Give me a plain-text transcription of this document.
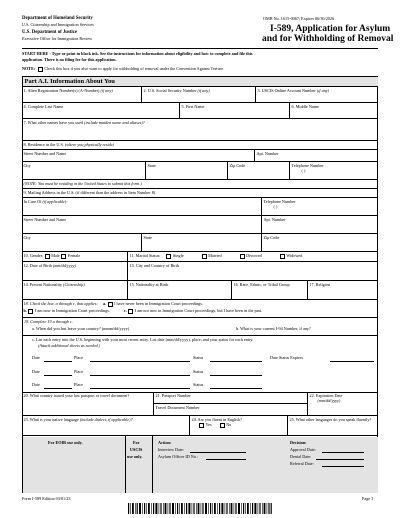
Department of Homeland Security
U.S. Citizenship and Immigration Services
U.S. Department of Justice
Executive Office for Immigration Review
OMB No. 1615-0067; Expires 06/30/2026
I-589, Application for Asylum
and for Withholding of Removal
START HERE - Type or print in black ink. See the instructions for information about eligibility and how to complete and file this
application. There is no filing fee for this application.
NOTE: Check this box if you also want to apply for withholding of removal under the Convention Against Torture.
Part A.I. Information About You
1. Alien Registration Number(s) (A-Number) (if any)	2. U.S. Social Security Number (if any)	3. USCIS Online Account Number (if any)
4. Complete Last Name	5. First Name	6. Middle Name
7. What other names have you used (include maiden name and aliases)?
8. Residence in the U.S. (where you physically reside)
Street Number and Name	Apt. Number
City	State	Zip Code	Telephone Number
( )
(NOTE: You must be residing in the United States to submit this form.)
9. Mailing Address in the U.S. (if different than the address in Item Number 8)
In Care Of (if applicable):	Telephone Number
( )
Street Number and Name	Apt. Number
City	State	Zip Code
10. Gender: Male Female	11. Marital Status:	Single	Married	Divorced	Widowed
12. Date of Birth (mm/dd/yyyy)	13. City and Country of Birth
14. Present Nationality (Citizenship)	15. Nationality at Birth	16. Race, Ethnic, or Tribal Group	17. Religion
18. Check the box, a through c, that applies: a. I have never been in Immigration Court proceedings.
b. I am now in Immigration Court proceedings.	c. I am not now in Immigration Court proceedings, but I have been in the past.
19. Complete 19 a through c.
a. When did you last leave your country? (mmm/dd/yyyy)	b. What is your current I-94 Number, if any?
c. List each entry into the U.S. beginning with your most recent entry. List date (mm/dd/yyyy), place, and your status for each entry.
(Attach additional sheets as needed.)
Date	Place	Status	Date Status Expires
Date	Place	Status
Date	Place	Status
20. What country issued your last passport or travel document?	21. Passport Number
Travel Document Number
22. Expiration Date
(mm/dd/yyyy)
23. What is your native language (include dialect, if applicable)?	24. Are you fluent in English?
Yes	No
25. What other languages do you speak fluently?
For EOIR use only.	For
USCIS
use only.
Action:
Interview Date:
Asylum Officer ID No.:
Decision:
Approval Date:
Denial Date:
Referral Date:
Form I-589 Edition 03/01/23	Page 1
